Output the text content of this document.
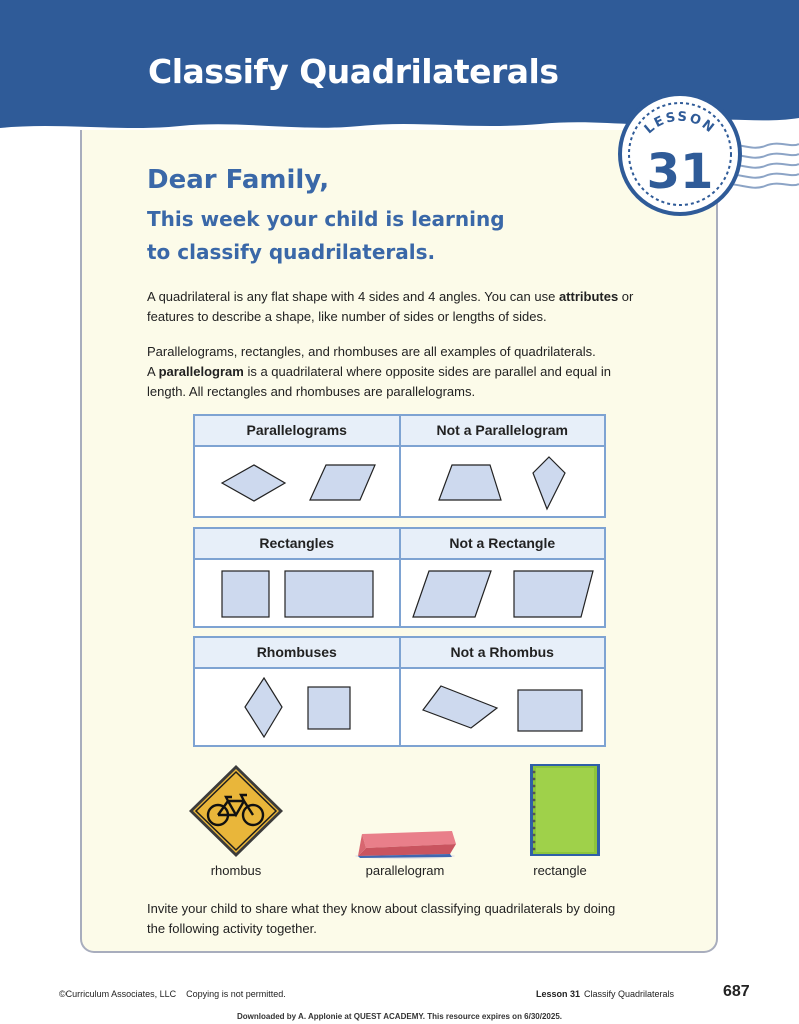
Classify Quadrilaterals
LESSON
31
Dear Family,
This week your child is learning
to classify quadrilaterals.

A quadrilateral is any flat shape with 4 sides and 4 angles. You can use attributes or features to describe a shape, like number of sides or lengths of sides.

Parallelograms, rectangles, and rhombuses are all examples of quadrilaterals.
A parallelogram is a quadrilateral where opposite sides are parallel and equal in length. All rectangles and rhombuses are parallelograms.

Parallelograms	Not a Parallelogram
Rectangles	Not a Rectangle
Rhombuses	Not a Rhombus

rhombus	parallelogram	rectangle

Invite your child to share what they know about classifying quadrilaterals by doing the following activity together.

©Curriculum Associates, LLC Copying is not permitted.	Lesson 31 Classify Quadrilaterals	687

Downloaded by A. Applonie at QUEST ACADEMY. This resource expires on 6/30/2025.
